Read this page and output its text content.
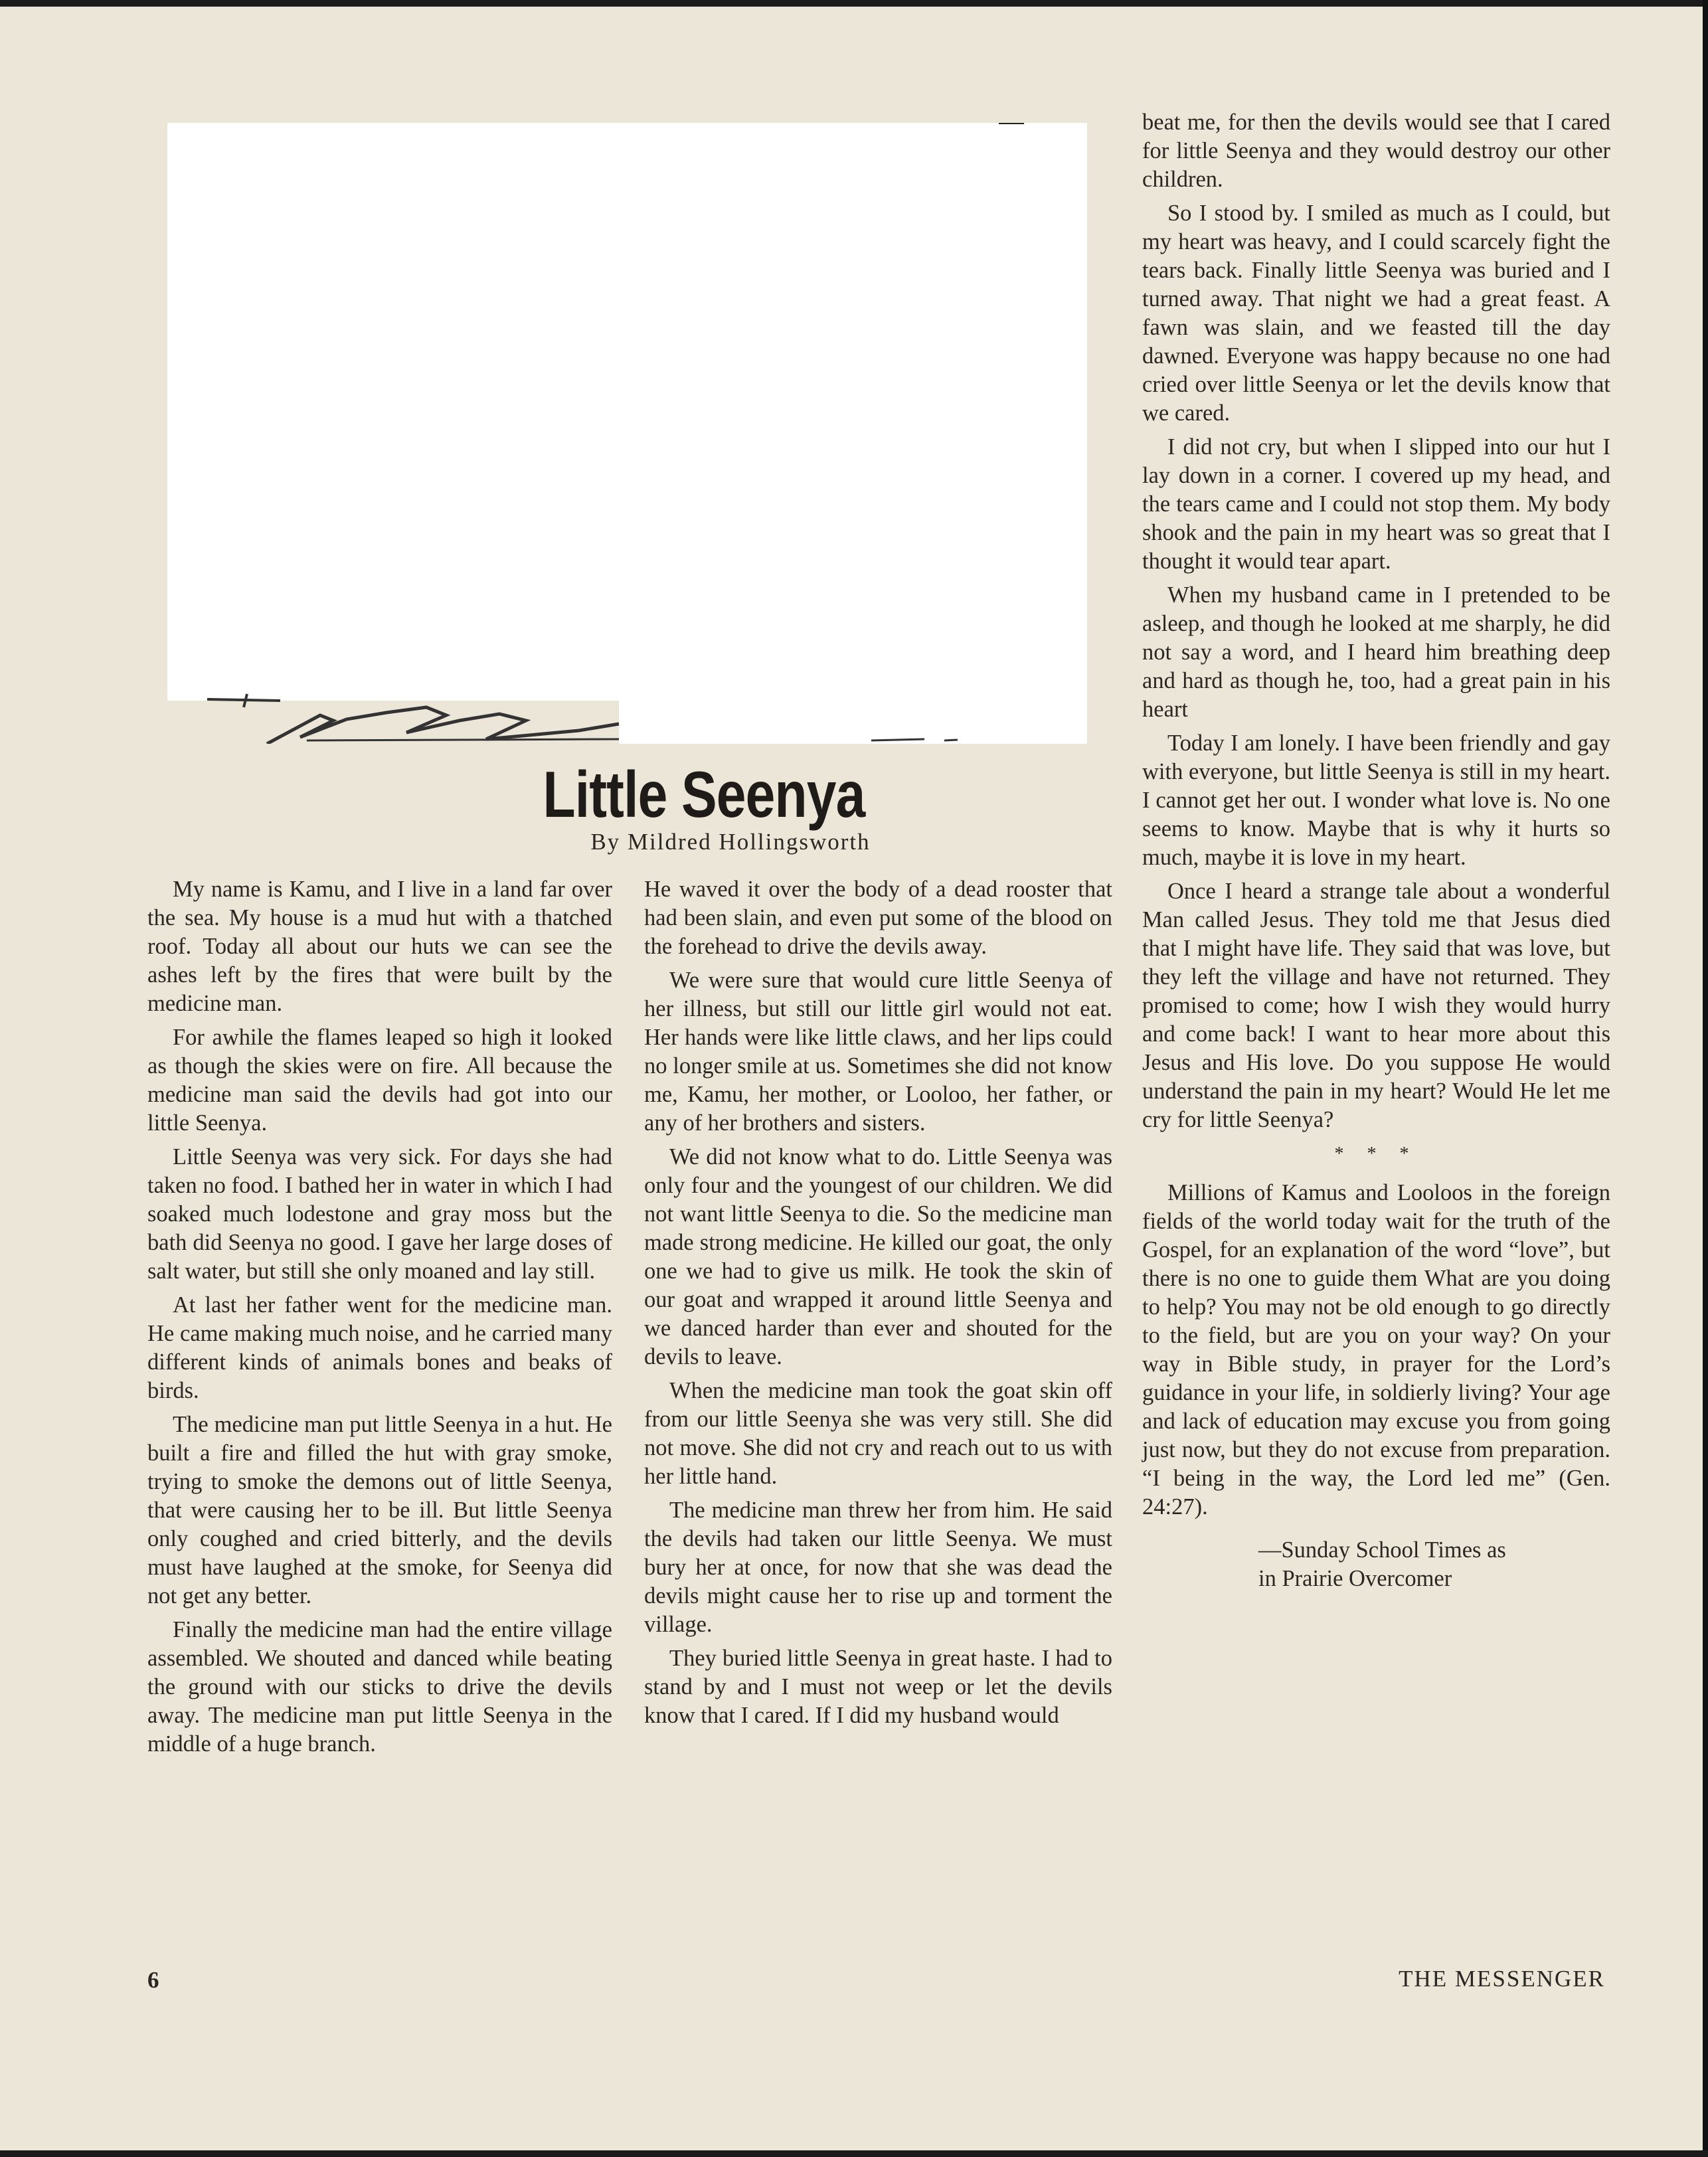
Little Seenya
By Mildred Hollingsworth

My name is Kamu, and I live in a land far over the sea. My house is a mud hut with a thatched roof. Today all about our huts we can see the ashes left by the fires that were built by the medicine man.

For awhile the flames leaped so high it looked as though the skies were on fire. All because the medicine man said the devils had got into our little Seenya.

Little Seenya was very sick. For days she had taken no food. I bathed her in water in which I had soaked much lodestone and gray moss but the bath did Seenya no good. I gave her large doses of salt water, but still she only moaned and lay still.

At last her father went for the medicine man. He came making much noise, and he carried many different kinds of animals bones and beaks of birds.

The medicine man put little Seenya in a hut. He built a fire and filled the hut with gray smoke, trying to smoke the demons out of little Seenya, that were causing her to be ill. But little Seenya only coughed and cried bitterly, and the devils must have laughed at the smoke, for Seenya did not get any better.

Finally the medicine man had the entire village assembled. We shouted and danced while beating the ground with our sticks to drive the devils away. The medicine man put little Seenya in the middle of a huge branch.

He waved it over the body of a dead rooster that had been slain, and even put some of the blood on the forehead to drive the devils away.

We were sure that would cure little Seenya of her illness, but still our little girl would not eat. Her hands were like little claws, and her lips could no longer smile at us. Sometimes she did not know me, Kamu, her mother, or Looloo, her father, or any of her brothers and sisters.

We did not know what to do. Little Seenya was only four and the youngest of our children. We did not want little Seenya to die. So the medicine man made strong medicine. He killed our goat, the only one we had to give us milk. He took the skin of our goat and wrapped it around little Seenya and we danced harder than ever and shouted for the devils to leave.

When the medicine man took the goat skin off from our little Seenya she was very still. She did not move. She did not cry and reach out to us with her little hand.

The medicine man threw her from him. He said the devils had taken our little Seenya. We must bury her at once, for now that she was dead the devils might cause her to rise up and torment the village.

They buried little Seenya in great haste. I had to stand by and I must not weep or let the devils know that I cared. If I did my husband would

beat me, for then the devils would see that I cared for little Seenya and they would destroy our other children.

So I stood by. I smiled as much as I could, but my heart was heavy, and I could scarcely fight the tears back. Finally little Seenya was buried and I turned away. That night we had a great feast. A fawn was slain, and we feasted till the day dawned. Everyone was happy because no one had cried over little Seenya or let the devils know that we cared.

I did not cry, but when I slipped into our hut I lay down in a corner. I covered up my head, and the tears came and I could not stop them. My body shook and the pain in my heart was so great that I thought it would tear apart.

When my husband came in I pretended to be asleep, and though he looked at me sharply, he did not say a word, and I heard him breathing deep and hard as though he, too, had a great pain in his heart

Today I am lonely. I have been friendly and gay with everyone, but little Seenya is still in my heart. I cannot get her out. I wonder what love is. No one seems to know. Maybe that is why it hurts so much, maybe it is love in my heart.

Once I heard a strange tale about a wonderful Man called Jesus. They told me that Jesus died that I might have life. They said that was love, but they left the village and have not returned. They promised to come; how I wish they would hurry and come back! I want to hear more about this Jesus and His love. Do you suppose He would understand the pain in my heart? Would He let me cry for little Seenya?

* * *

Millions of Kamus and Looloos in the foreign fields of the world today wait for the truth of the Gospel, for an explanation of the word “love”, but there is no one to guide them What are you doing to help? You may not be old enough to go directly to the field, but are you on your way? On your way in Bible study, in prayer for the Lord’s guidance in your life, in soldierly living? Your age and lack of education may excuse you from going just now, but they do not excuse from preparation. “I being in the way, the Lord led me” (Gen. 24:27).

—Sunday School Times as
in Prairie Overcomer
6	THE MESSENGER
